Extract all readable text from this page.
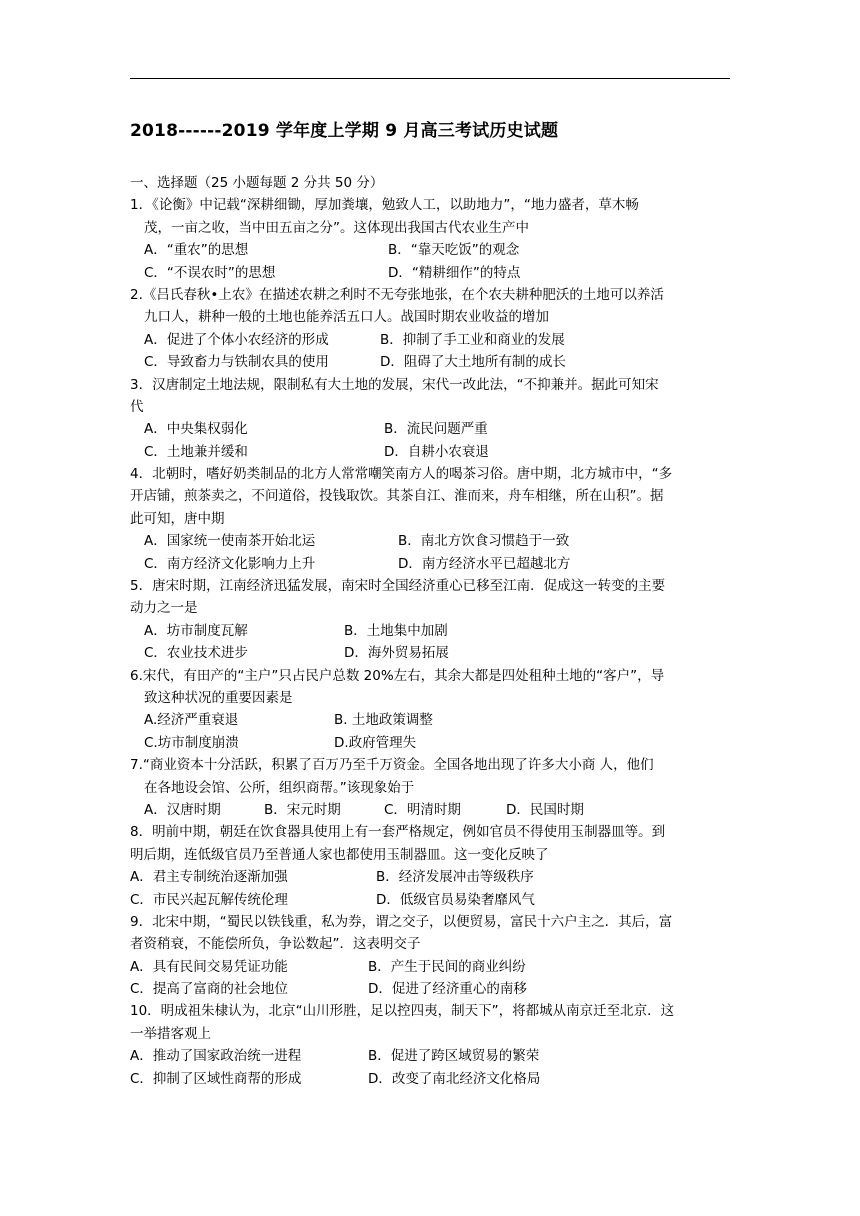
2018------2019 学年度上学期 9 月高三考试历史试题
一、选择题（25 小题每题 2 分共 50 分）
1．《论衡》中记载“深耕细锄，厚加粪壤，勉致人工，以助地力”，“地力盛者，草木畅
茂，一亩之收，当中田五亩之分”。这体现出我国古代农业生产中
A．“重农”的思想	B．“靠天吃饭”的观念
C．“不误农时”的思想	D．“精耕细作”的特点
2.《吕氏春秋•上农》在描述农耕之利时不无夸张地张，在个农夫耕种肥沃的土地可以养活
九口人，耕种一般的土地也能养活五口人。战国时期农业收益的增加
A．促进了个体小农经济的形成	B．抑制了手工业和商业的发展
C．导致畜力与铁制农具的使用	D．阻碍了大土地所有制的成长
3．汉唐制定土地法规，限制私有大土地的发展，宋代一改此法，“不抑兼并。据此可知宋
代
A．中央集权弱化	B．流民问题严重
C．土地兼并缓和	D．自耕小农衰退
4．北朝时，嗜好奶类制品的北方人常常嘲笑南方人的喝茶习俗。唐中期，北方城市中，“多
开店铺，煎茶卖之，不问道俗，投钱取饮。其茶自江、淮而来，舟车相继，所在山积”。据
此可知，唐中期
A．国家统一使南茶开始北运	B．南北方饮食习惯趋于一致
C．南方经济文化影响力上升	D．南方经济水平已超越北方
5．唐宋时期，江南经济迅猛发展，南宋时全国经济重心已移至江南．促成这一转变的主要
动力之一是
A．坊市制度瓦解	B．土地集中加剧
C．农业技术进步	D．海外贸易拓展
6.宋代，有田产的“主户”只占民户总数 20%左右，其余大都是四处租种土地的“客户”，导
致这种状况的重要因素是
A.经济严重衰退	B. 土地政策调整
C.坊市制度崩溃	D.政府管理失
7.“商业资本十分活跃，积累了百万乃至千万资金。全国各地出现了许多大小商 人，他们
在各地设会馆、公所，组织商帮。”该现象始于
A．汉唐时期	B．宋元时期	C．明清时期	D．民国时期
8．明前中期，朝廷在饮食器具使用上有一套严格规定，例如官员不得使用玉制器皿等。到
明后期，连低级官员乃至普通人家也都使用玉制器皿。这一变化反映了
A．君主专制统治逐渐加强	B．经济发展冲击等级秩序
C．市民兴起瓦解传统伦理	D．低级官员易染奢靡风气
9．北宋中期，“蜀民以铁钱重，私为券，谓之交子，以便贸易，富民十六户主之．其后，富
者资稍衰，不能偿所负，争讼数起”．这表明交子
A．具有民间交易凭证功能	B．产生于民间的商业纠纷
C．提高了富商的社会地位	D．促进了经济重心的南移
10．明成祖朱棣认为，北京“山川形胜，足以控四夷，制天下”，将都城从南京迁至北京．这
一举措客观上
A．推动了国家政治统一进程	B．促进了跨区域贸易的繁荣
C．抑制了区域性商帮的形成	D．改变了南北经济文化格局
